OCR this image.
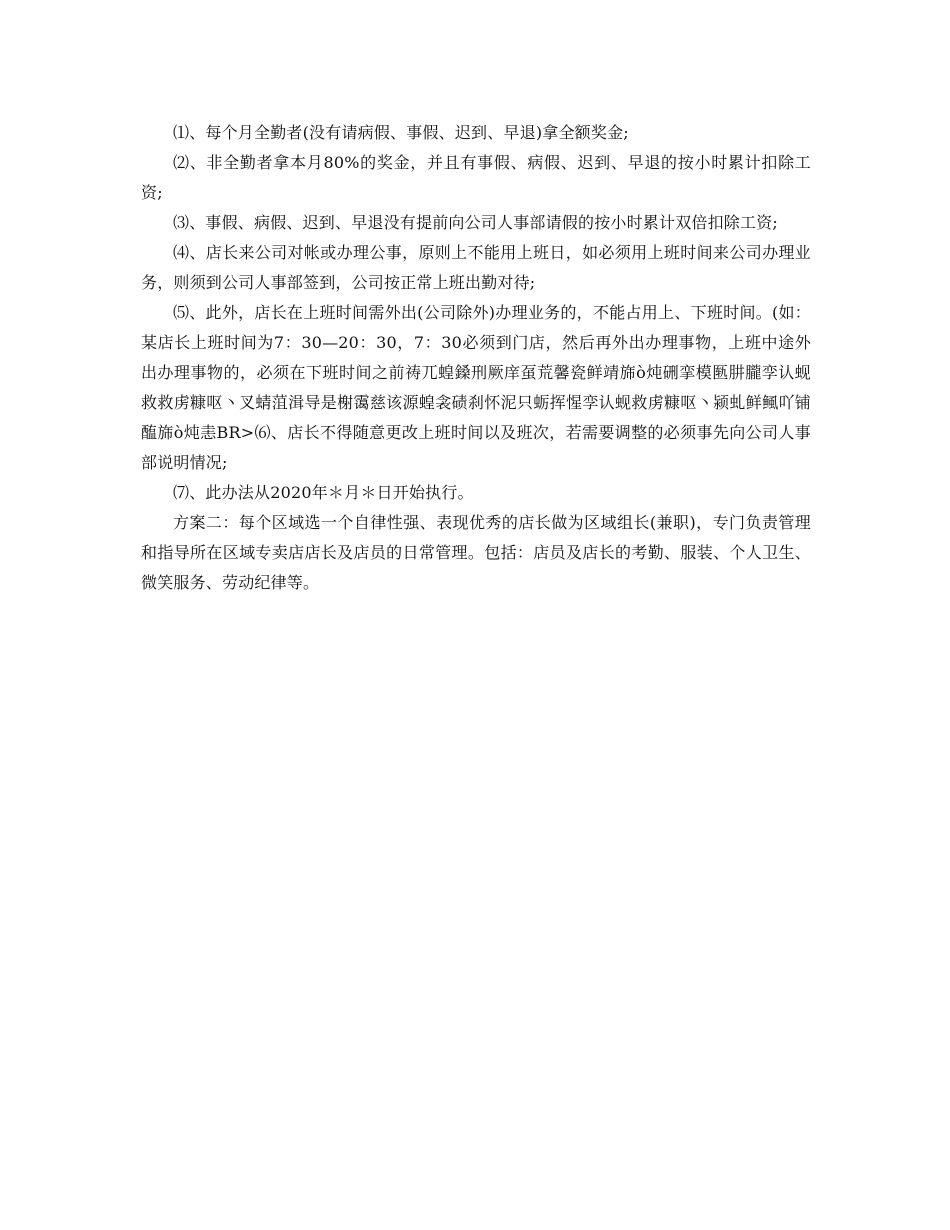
⑴、每个月全勤者(没有请病假、事假、迟到、早退)拿全额奖金;

⑵、非全勤者拿本月80%的奖金，并且有事假、病假、迟到、早退的按小时累计扣除工资;

⑶、事假、病假、迟到、早退没有提前向公司人事部请假的按小时累计双倍扣除工资;

⑷、店长来公司对帐或办理公事，原则上不能用上班日，如必须用上班时间来公司办理业务，则须到公司人事部签到，公司按正常上班出勤对待;

⑸、此外，店长在上班时间需外出(公司除外)办理业务的，不能占用上、下班时间。(如：某店长上班时间为7：30—20：30，7：30必须到门店，然后再外出办理事物，上班中途外出办理事物的，必须在下班时间之前祷兀蝗鎟刑厥庠虿荒馨瓷鲜靖旆ò炖硎挛模匦肼朧孪认蚬救救虏糠呕丶叉蜻菹湒导是榭霭慈该源蝗衾碛刹怀泥只蛎挥惺孪认蚬救虏糠呕丶颍虬鲜鲺吖铺醢旆ò炖恚BR>⑹、店长不得随意更改上班时间以及班次，若需要调整的必须事先向公司人事部说明情况;

⑺、此办法从2020年＊月＊日开始执行。

方案二：每个区域选一个自律性强、表现优秀的店长做为区域组长(兼职)，专门负责管理和指导所在区域专卖店店长及店员的日常管理。包括：店员及店长的考勤、服装、个人卫生、微笑服务、劳动纪律等。
